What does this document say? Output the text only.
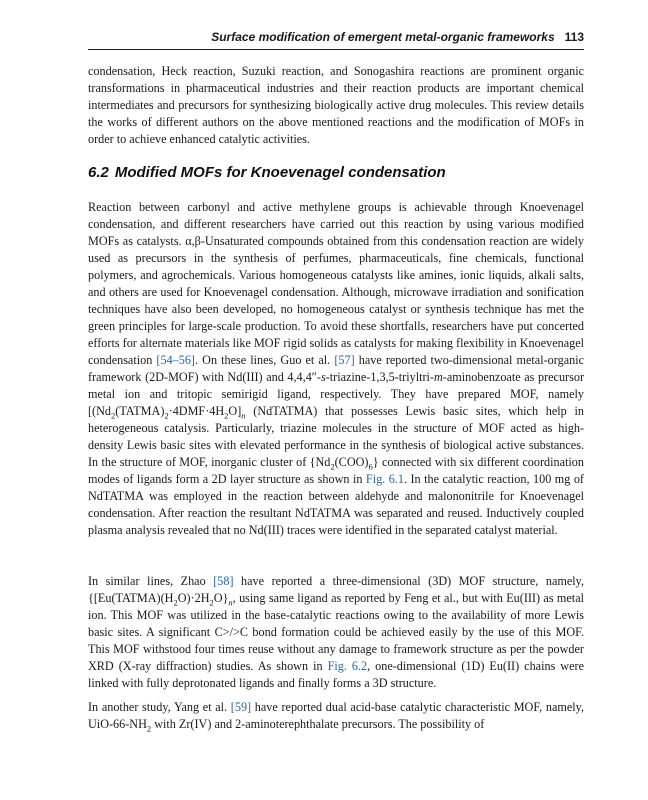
Surface modification of emergent metal-organic frameworks 113

condensation, Heck reaction, Suzuki reaction, and Sonogashira reactions are prominent organic transformations in pharmaceutical industries and their reaction products are important chemical intermediates and precursors for synthesizing biologically active drug molecules. This review details the works of different authors on the above mentioned reactions and the modification of MOFs in order to achieve enhanced catalytic activities.

6.2 Modified MOFs for Knoevenagel condensation

Reaction between carbonyl and active methylene groups is achievable through Knoevenagel condensation, and different researchers have carried out this reaction by using various modified MOFs as catalysts. α,β-Unsaturated compounds obtained from this condensation reaction are widely used as precursors in the synthesis of perfumes, pharmaceuticals, fine chemicals, functional polymers, and agrochemicals. Various homogeneous catalysts like amines, ionic liquids, alkali salts, and others are used for Knoevenagel condensation. Although, microwave irradiation and sonification techniques have also been developed, no homogeneous catalyst or synthesis technique has met the green principles for large-scale production. To avoid these shortfalls, researchers have put concerted efforts for alternate materials like MOF rigid solids as catalysts for making flexibility in Knoevenagel condensation [54–56]. On these lines, Guo et al. [57] have reported two-dimensional metal-organic framework (2D-MOF) with Nd(III) and 4,4,4″-s-triazine-1,3,5-triyltri-m-aminobenzoate as precursor metal ion and tritopic semirigid ligand, respectively. They have prepared MOF, namely [$(Nd_2(TATMA)_2\cdot 4DMF\cdot 4H_2O]_n$ (NdTATMA) that possesses Lewis basic sites, which help in heterogeneous catalysis. Particularly, triazine molecules in the structure of MOF acted as high-density Lewis basic sites with elevated performance in the synthesis of biological active substances. In the structure of MOF, inorganic cluster of $\{Nd_2(COO)_6\}$ connected with six different coordination modes of ligands form a 2D layer structure as shown in Fig. 6.1. In the catalytic reaction, 100 mg of NdTATMA was employed in the reaction between aldehyde and malononitrile for Knoevenagel condensation. After reaction the resultant NdTATMA was separated and reused. Inductively coupled plasma analysis revealed that no Nd(III) traces were identified in the separated catalyst material.

In similar lines, Zhao [58] have reported a three-dimensional (3D) MOF structure, namely, {$[Eu(TATMA)(H_2O)\cdot 2H_2O\}_n$, using same ligand as reported by Feng et al., but with Eu(III) as metal ion. This MOF was utilized in the base-catalytic reactions owing to the availability of more Lewis basic sites. A significant C>/>C bond formation could be achieved easily by the use of this MOF. This MOF withstood four times reuse without any damage to framework structure as per the powder XRD (X-ray diffraction) studies. As shown in Fig. 6.2, one-dimensional (1D) Eu(II) chains were linked with fully deprotonated ligands and finally forms a 3D structure.

In another study, Yang et al. [59] have reported dual acid-base catalytic characteristic MOF, namely, UiO-$66-NH_2$ with Zr(IV) and 2-aminoterephthalate precursors. The possibility of
